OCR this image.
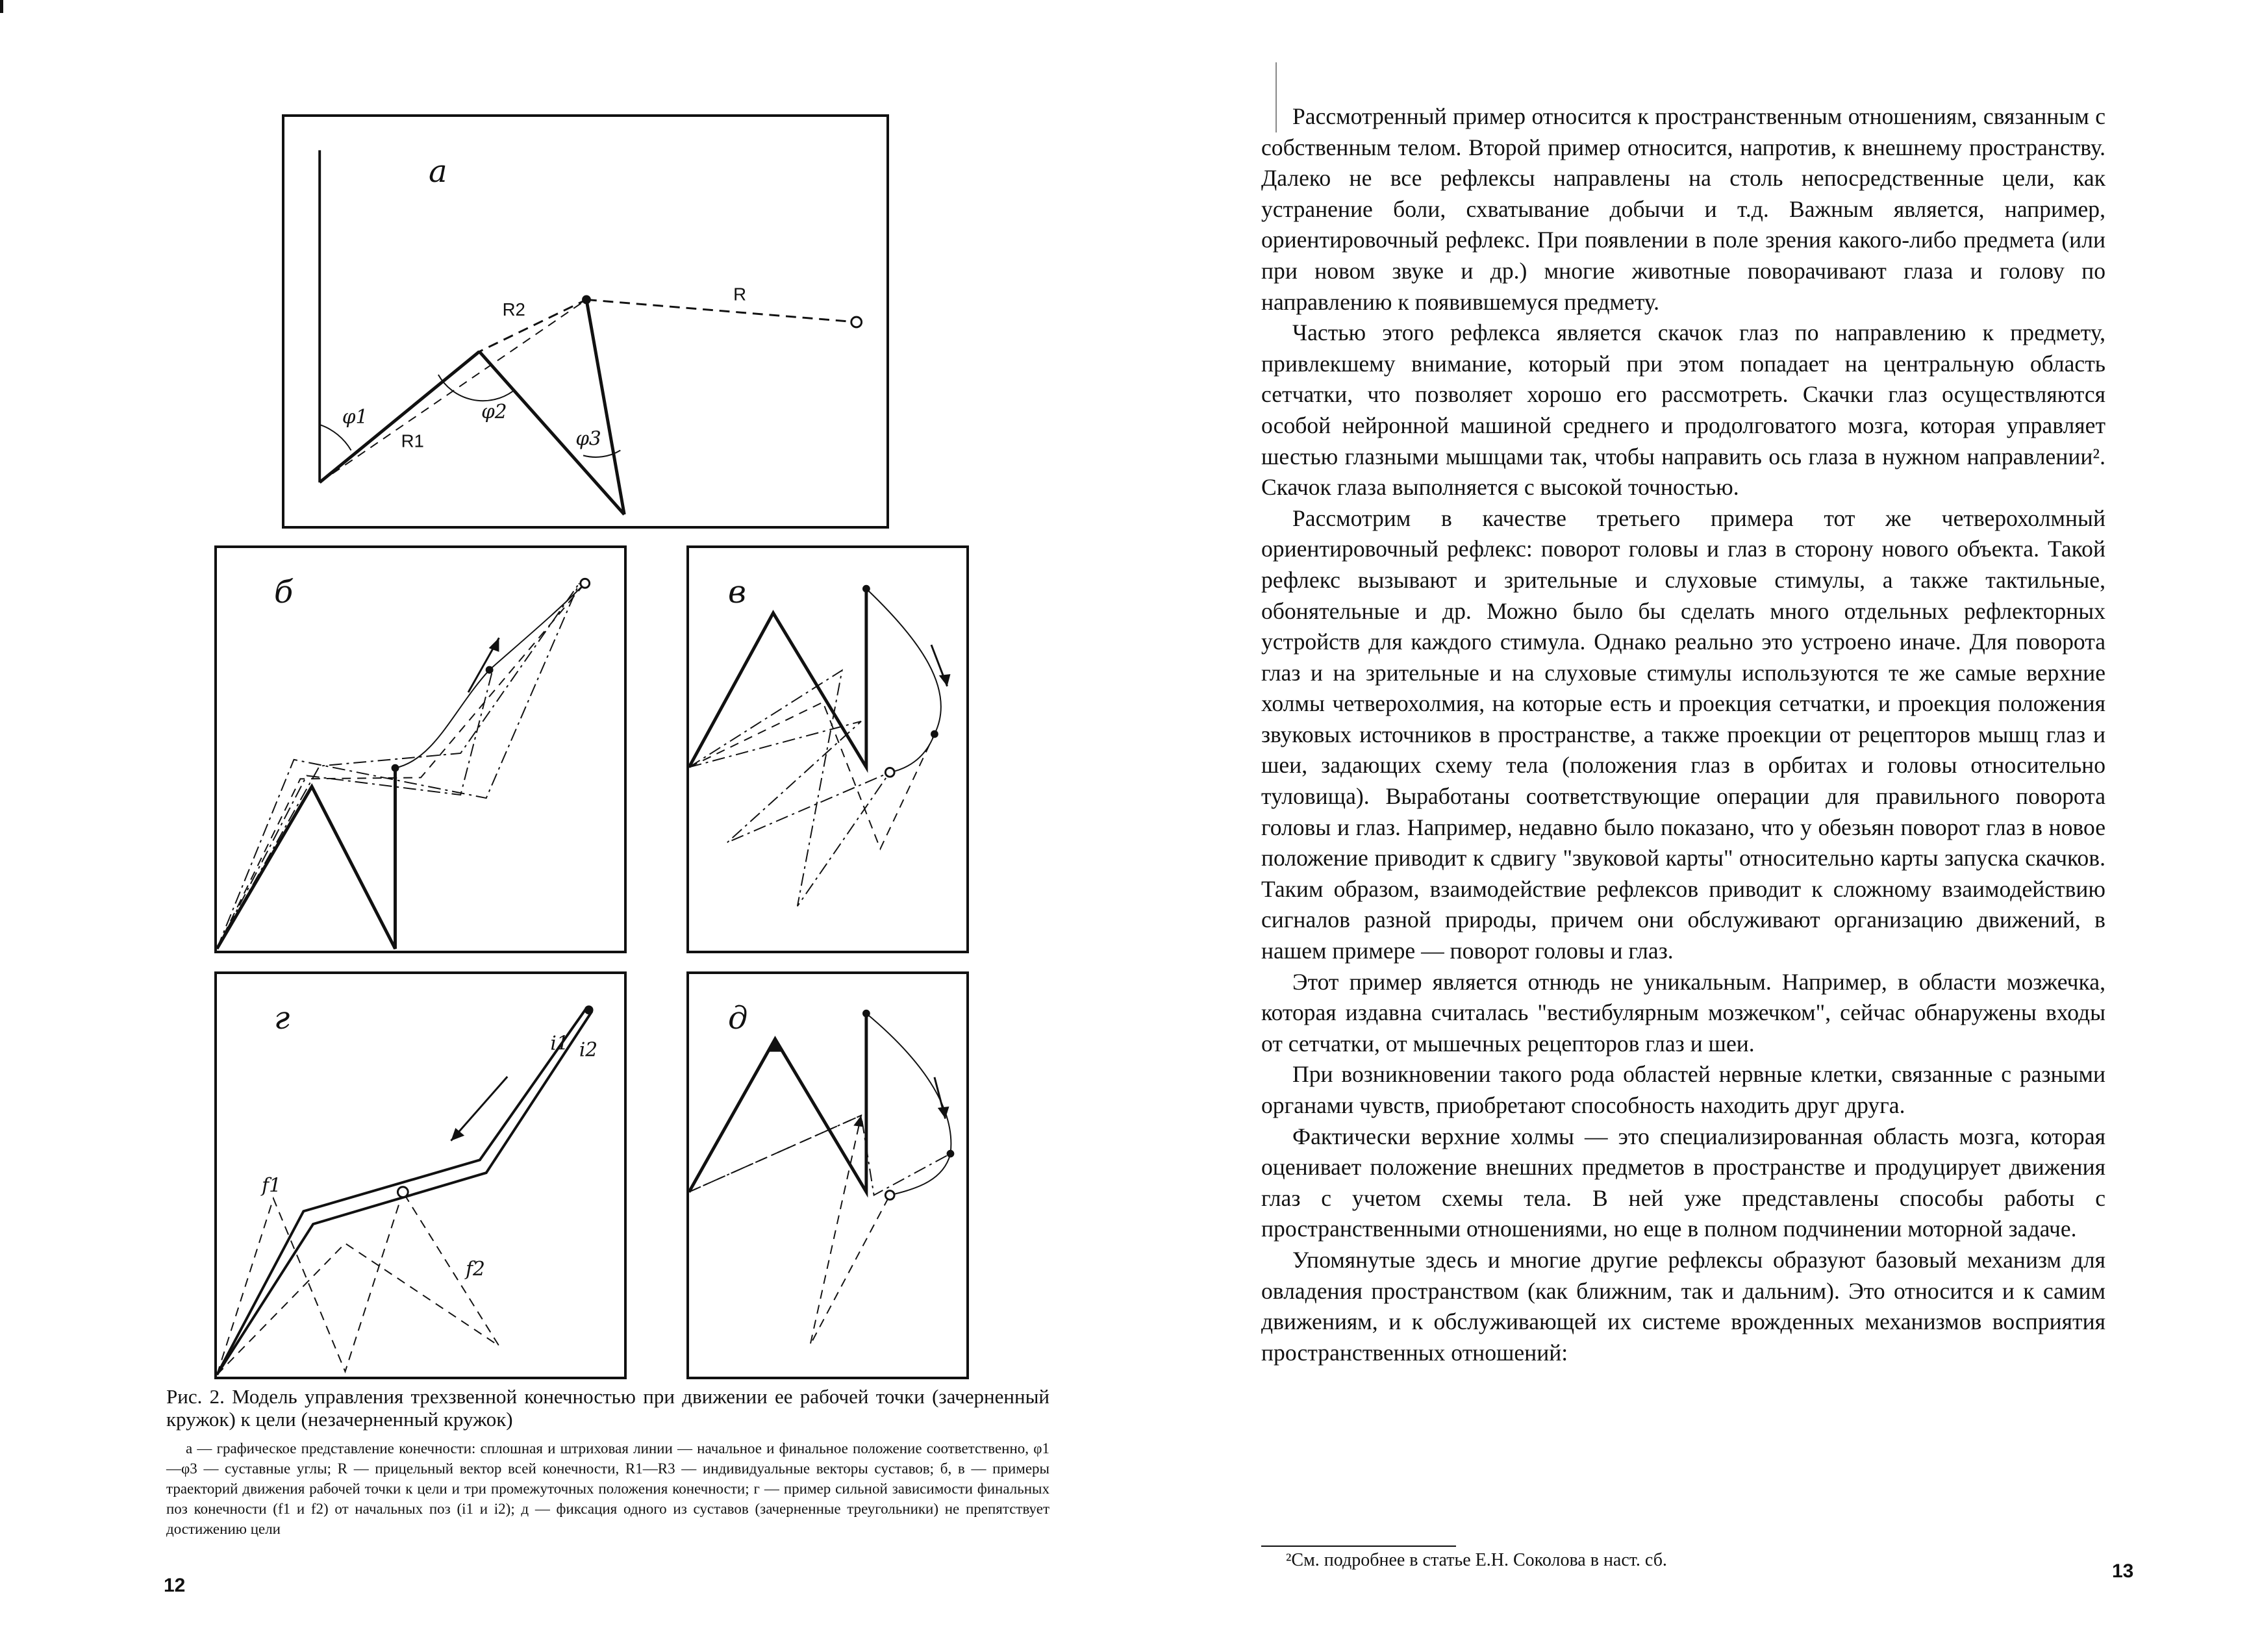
а
φ1	φ2
φ3
R1
R2
R
б	в
г
i1 i2
f1
f2
д

Рис. 2. Модель управления трехзвенной конечностью при движении ее рабочей точки (зачерненный кружок) к цели (незачерненный кружок)

а — графическое представление конечности: сплошная и штриховая линии — начальное и финальное положение соответственно, φ1—φ3 — суставные углы; R — прицельный вектор всей конечности, R1—R3 — индивидуальные векторы суставов; б, в — примеры траекторий движения рабочей точки к цели и три промежуточных положения конечности; г — пример сильной зависимости финальных поз конечности (f1 и f2) от начальных поз (i1 и i2); д — фиксация одного из суставов (зачерненные треугольники) не препятствует достижению цели

12

Рассмотренный пример относится к пространственным отношениям, связанным с собственным телом. Второй пример относится, напротив, к внешнему пространству. Далеко не все рефлексы направлены на столь непосредственные цели, как устранение боли, схватывание добычи и т.д. Важным является, например, ориентировочный рефлекс. При появлении в поле зрения какого-либо предмета (или при новом звуке и др.) многие животные поворачивают глаза и голову по направлению к появившемуся предмету.

Частью этого рефлекса является скачок глаз по направлению к предмету, привлекшему внимание, который при этом попадает на центральную область сетчатки, что позволяет хорошо его рассмотреть. Скачки глаз осуществляются особой нейронной машиной среднего и продолговатого мозга, которая управляет шестью глазными мышцами так, чтобы направить ось глаза в нужном направлении². Скачок глаза выполняется с высокой точностью.

Рассмотрим в качестве третьего примера тот же четверохолмный ориентировочный рефлекс: поворот головы и глаз в сторону нового объекта. Такой рефлекс вызывают и зрительные и слуховые стимулы, а также тактильные, обонятельные и др. Можно было бы сделать много отдельных рефлекторных устройств для каждого стимула. Однако реально это устроено иначе. Для поворота глаз и на зрительные и на слуховые стимулы используются те же самые верхние холмы четверохолмия, на которые есть и проекция сетчатки, и проекция положения звуковых источников в пространстве, а также проекции от рецепторов мышц глаз и шеи, задающих схему тела (положения глаз в орбитах и головы относительно туловища). Выработаны соответствующие операции для правильного поворота головы и глаз. Например, недавно было показано, что у обезьян поворот глаз в новое положение приводит к сдвигу "звуковой карты" относительно карты запуска скачков. Таким образом, взаимодействие рефлексов приводит к сложному взаимодействию сигналов разной природы, причем они обслуживают организацию движений, в нашем примере — поворот головы и глаз.

Этот пример является отнюдь не уникальным. Например, в области мозжечка, которая издавна считалась "вестибулярным мозжечком", сейчас обнаружены входы от сетчатки, от мышечных рецепторов глаз и шеи.

При возникновении такого рода областей нервные клетки, связанные с разными органами чувств, приобретают способность находить друг друга.

Фактически верхние холмы — это специализированная область мозга, которая оценивает положение внешних предметов в пространстве и продуцирует движения глаз с учетом схемы тела. В ней уже представлены способы работы с пространственными отношениями, но еще в полном подчинении моторной задаче.

Упомянутые здесь и многие другие рефлексы образуют базовый механизм для овладения пространством (как ближним, так и дальним). Это относится и к самим движениям, и к обслуживающей их системе врожденных механизмов восприятия пространственных отношений:

²См. подробнее в статье Е.Н. Соколова в наст. сб.
13
